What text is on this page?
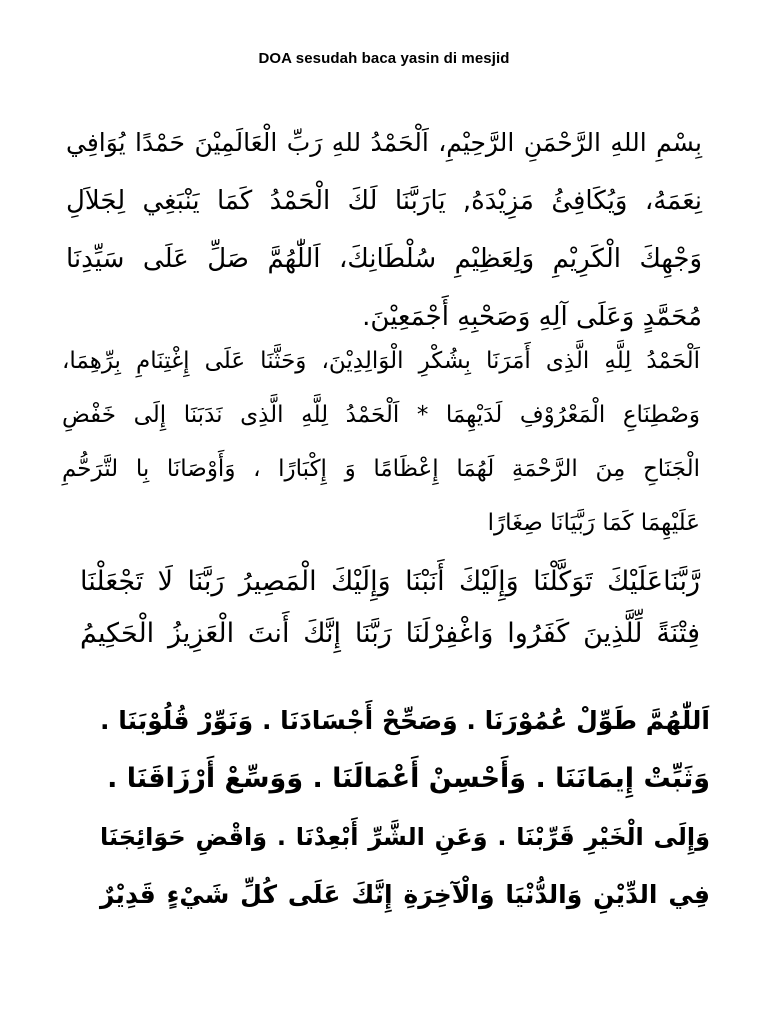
DOA sesudah baca yasin di mesjid
بِسْمِ اللهِ الرَّحْمَنِ الرَّحِيْمِ، اَلْحَمْدُ للهِ رَبِّ الْعَالَمِيْنَ حَمْدًا يُوَافِي
نِعَمَهُ، وَيُكَافِئُ مَزِيْدَهُ, يَارَبَّنَا لَكَ الْحَمْدُ كَمَا يَنْبَغِي لِجَلاَلِ
وَجْهِكَ الْكَرِيْمِ وَلِعَظِيْمِ سُلْطَانِكَ، اَللّٰهُمَّ صَلِّ عَلَى سَيِّدِنَا
مُحَمَّدٍ وَعَلَى آلِهِ وَصَحْبِهِ أَجْمَعِيْنَ.
اَلْحَمْدُ لِلَّهِ الَّذِى أَمَرَنَا بِشُكْرِ الْوَالِدِيْنَ، وَحَثَّنَا عَلَى إِغْتِنَامِ بِرِّهِمَا،
وَصْطِنَاعِ الْمَعْرُوْفِ لَدَيْهِمَا * اَلْحَمْدُ لِلَّهِ الَّذِى نَدَبَنَا إِلَى خَفْضِ
الْجَنَاحِ مِنَ الرَّحْمَةِ لَهُمَا إِعْظَامًا وَ إِكْبَارًا ، وَأَوْصَانَا بِا لتَّرَحُّمِ
عَلَيْهِمَا كَمَا رَبَّيَانَا صِغَارًا
رَّبَّنَاعَلَيْكَ تَوَكَّلْنَا وَإِلَيْكَ أَنَبْنَا وَإِلَيْكَ الْمَصِيرُ رَبَّنَا لَا تَجْعَلْنَا
فِتْنَةً لِّلَّذِينَ كَفَرُوا وَاغْفِرْلَنَا رَبَّنَا إِنَّكَ أَنتَ الْعَزِيزُ الْحَكِيمُ
اَللّٰهُمَّ طَوِّلْ عُمُوْرَنَا . وَصَحِّحْ أَجْسَادَنَا . وَنَوِّرْ قُلُوْبَنَا .
وَثَبِّتْ إِيمَانَنَا . وَأَحْسِنْ أَعْمَالَنَا . وَوَسِّعْ أَرْزَاقَنَا .
وَإِلَى الْخَيْرِ قَرِّبْنَا . وَعَنِ الشَّرِّ أَبْعِدْنَا . وَاقْضِ حَوَائِجَنَا
فِي الدِّيْنِ وَالدُّنْيَا وَالْآخِرَةِ إِنَّكَ عَلَى كُلِّ شَيْءٍ قَدِيْرٌ
